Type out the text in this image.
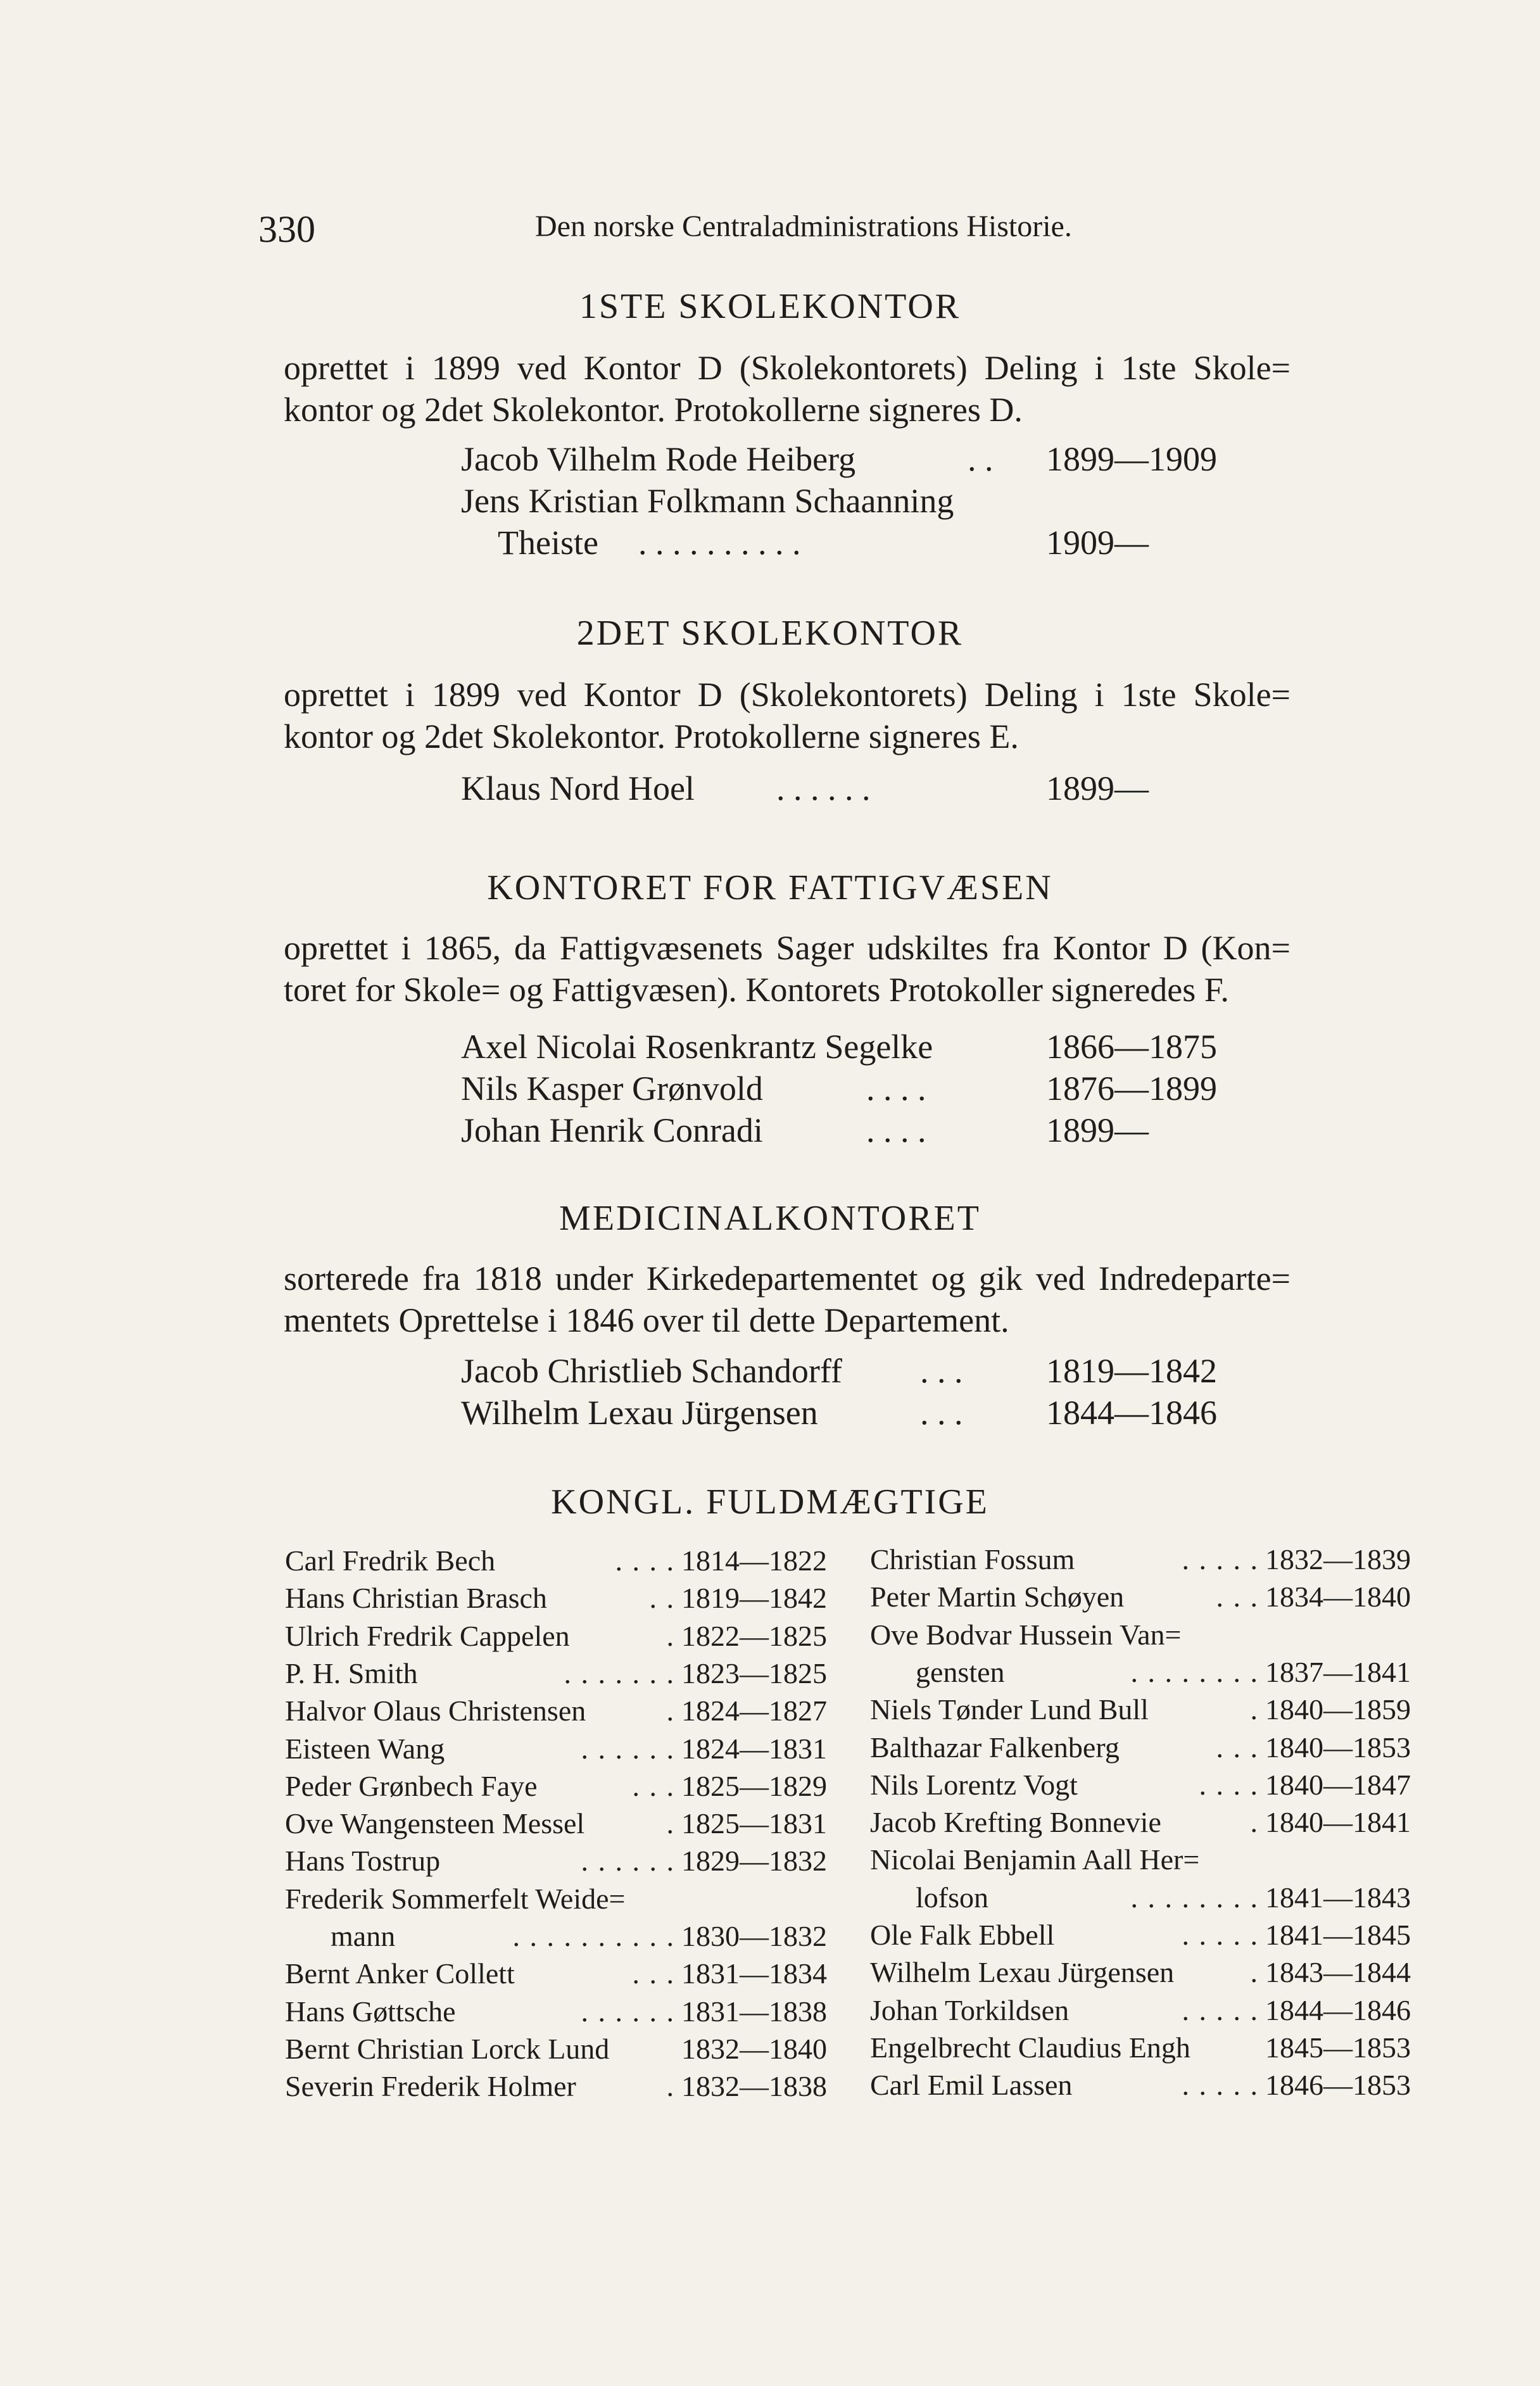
330	Den norske Centraladministrations Historie.
1STE SKOLEKONTOR
oprettet i 1899 ved Kontor D (Skolekontorets) Deling i 1ste Skole=
kontor og 2det Skolekontor. Protokollerne signeres D.
Jacob Vilhelm Rode Heiberg	. . 1899—1909
Jens Kristian Folkmann Schaanning
Theiste . . . . . . . . . .	1909—
2DET SKOLEKONTOR
oprettet i 1899 ved Kontor D (Skolekontorets) Deling i 1ste Skole=
kontor og 2det Skolekontor. Protokollerne signeres E.
Klaus Nord Hoel . . . . . .	1899—
KONTORET FOR FATTIGVÆSEN
oprettet i 1865, da Fattigvæsenets Sager udskiltes fra Kontor D (Kon=
toret for Skole= og Fattigvæsen). Kontorets Protokoller signeredes F.
Axel Nicolai Rosenkrantz Segelke	1866—1875
Nils Kasper Grønvold	. . . .	1876—1899
Johan Henrik Conradi	. . . .	1899—
MEDICINALKONTORET
sorterede fra 1818 under Kirkedepartementet og gik ved Indredeparte=
mentets Oprettelse i 1846 over til dette Departement.
Jacob Christlieb Schandorff . . . 1819—1842
Wilhelm Lexau Jürgensen	. . . 1844—1846
KONGL. FULDMÆGTIGE
Carl Fredrik Bech	. . . . 1814—1822
Hans Christian Brasch	. . 1819—1842
Ulrich Fredrik Cappelen	. 1822—1825
P. H. Smith	. . . . . . . 1823—1825
Halvor Olaus Christensen	. 1824—1827
Eisteen Wang	. . . . . . 1824—1831
Peder Grønbech Faye	. . . 1825—1829
Ove Wangensteen Messel	. 1825—1831
Hans Tostrup	. . . . . . 1829—1832
Frederik Sommerfelt Weide=
mann	. . . . . . . . . . 1830—1832
Bernt Anker Collett	. . . 1831—1834
Hans Gøttsche	. . . . . . 1831—1838
Bernt Christian Lorck Lund 1832—1840
Severin Frederik Holmer	. 1832—1838
Christian Fossum	. . . . . 1832—1839
Peter Martin Schøyen	. . . 1834—1840
Ove Bodvar Hussein Van=
gensten	. . . . . . . . 1837—1841
Niels Tønder Lund Bull	. 1840—1859
Balthazar Falkenberg	. . . 1840—1853
Nils Lorentz Vogt	. . . . 1840—1847
Jacob Krefting Bonnevie	. 1840—1841
Nicolai Benjamin Aall Her=
lofson	. . . . . . . . 1841—1843
Ole Falk Ebbell	. . . . . 1841—1845
Wilhelm Lexau Jürgensen	. 1843—1844
Johan Torkildsen	. . . . . 1844—1846
Engelbrecht Claudius Engh	1845—1853
Carl Emil Lassen	. . . . . 1846—1853
